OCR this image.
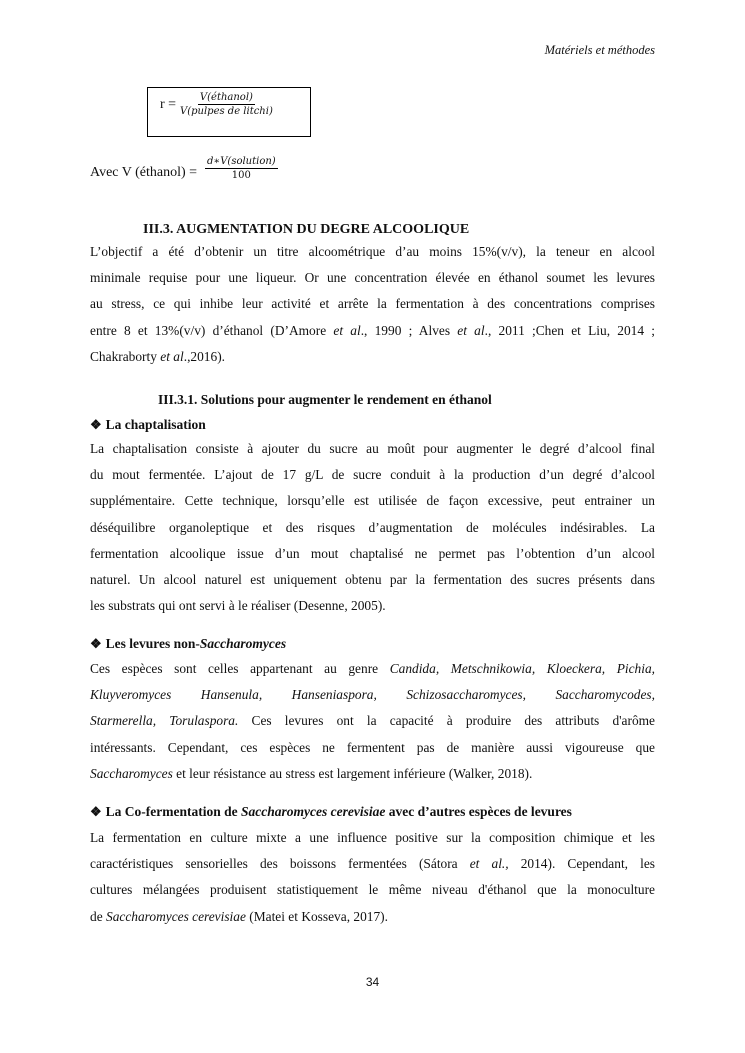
Matériels et méthodes
r = V(éthanol)
V(pulpes de litchi)
Avec V (éthanol) =
d∗V(solution)
100
III.3. AUGMENTATION DU DEGRE ALCOOLIQUE
L’objectif a été d’obtenir un titre alcoométrique d’au moins 15%(v/v), la teneur en alcool
minimale requise pour une liqueur. Or une concentration élevée en éthanol soumet les levures
au stress, ce qui inhibe leur activité et arrête la fermentation à des concentrations comprises
entre 8 et 13%(v/v) d’éthanol (D’Amore et al., 1990 ; Alves et al., 2011 ;Chen et Liu, 2014 ;
Chakraborty et al.,2016).
III.3.1. Solutions pour augmenter le rendement en éthanol
❖ La chaptalisation
La chaptalisation consiste à ajouter du sucre au moût pour augmenter le degré d’alcool final
du mout fermentée. L’ajout de 17 g/L de sucre conduit à la production d’un degré d’alcool
supplémentaire. Cette technique, lorsqu’elle est utilisée de façon excessive, peut entrainer un
déséquilibre organoleptique et des risques d’augmentation de molécules indésirables. La
fermentation alcoolique issue d’un mout chaptalisé ne permet pas l’obtention d’un alcool
naturel. Un alcool naturel est uniquement obtenu par la fermentation des sucres présents dans
les substrats qui ont servi à le réaliser (Desenne, 2005).
❖ Les levures non-Saccharomyces
Ces espèces sont celles appartenant au genre Candida, Metschnikowia, Kloeckera, Pichia,
Kluyveromyces Hansenula, Hanseniaspora, Schizosaccharomyces, Saccharomycodes,
Starmerella, Torulaspora. Ces levures ont la capacité à produire des attributs d'arôme
intéressants. Cependant, ces espèces ne fermentent pas de manière aussi vigoureuse que
Saccharomyces et leur résistance au stress est largement inférieure (Walker, 2018).
❖ La Co-fermentation de Saccharomyces cerevisiae avec d’autres espèces de levures
La fermentation en culture mixte a une influence positive sur la composition chimique et les
caractéristiques sensorielles des boissons fermentées (Sátora et al., 2014). Cependant, les
cultures mélangées produisent statistiquement le même niveau d'éthanol que la monoculture
de Saccharomyces cerevisiae (Matei et Kosseva, 2017).
34
